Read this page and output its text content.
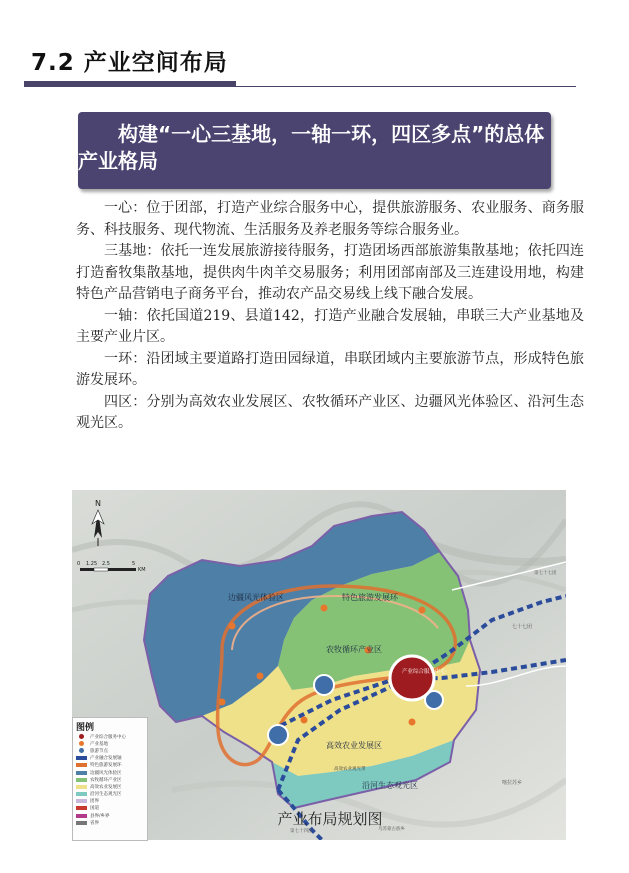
7.2 产业空间布局
构建“一心三基地，一轴一环，四区多点”的总体产业格局

一心：位于团部，打造产业综合服务中心，提供旅游服务、农业服务、商务服务、科技服务、现代物流、生活服务及养老服务等综合服务业。

三基地：依托一连发展旅游接待服务，打造团场西部旅游集散基地；依托四连打造畜牧集散基地，提供肉牛肉羊交易服务；利用团部南部及三连建设用地，构建特色产品营销电子商务平台，推动农产品交易线上线下融合发展。

一轴：依托国道219、县道142，打造产业融合发展轴，串联三大产业基地及主要产业片区。

一环：沿团域主要道路打造田园绿道，串联团域内主要旅游节点，形成特色旅游发展环。

四区：分别为高效农业发展区、农牧循环产业区、边疆风光体验区、沿河生态观光区。

N
0 1.25 2.5	5
KM
边疆风光体验区	特色旅游发展环
农牧循环产业区
高效农业发展区
沿河生态观光区
高效农业观光带
产业综合服务中心
七十七团
第七十七团
喀拉苏乡
第七十四团	乌苏蒙古族乡
图例
产业综合服务中心
产业基地
旅游节点
产业融合发展轴
特色旅游发展环
边疆风光体验区
农牧循环产业区
高效农业发展区
沿河生态观光区
团界
国道
县界/乡界
省界	产业布局规划图
